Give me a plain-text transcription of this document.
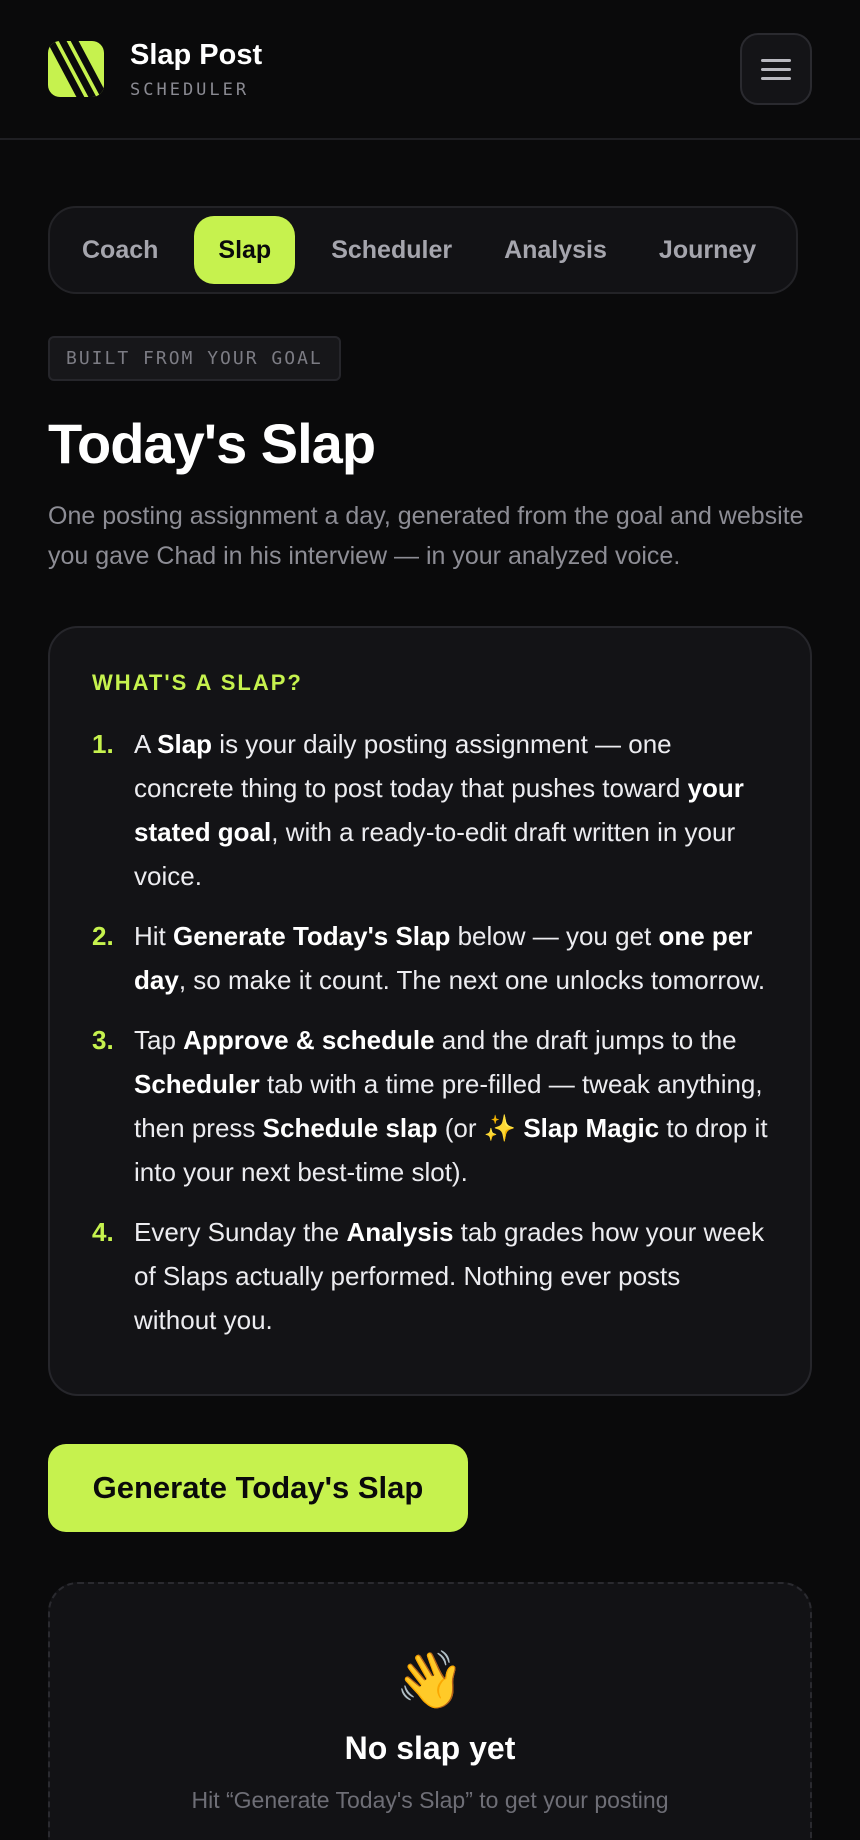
Slap Post
SCHEDULER
Coach	Slap	Scheduler	Analysis	Journey
BUILT FROM YOUR GOAL
Today's Slap

One posting assignment a day, generated from the goal and website you gave Chad in his interview — in your analyzed voice.

WHAT'S A SLAP?
1. A Slap is your daily posting assignment — one concrete thing to post today that pushes toward your stated goal, with a ready-to-edit draft written in your voice.
2. Hit Generate Today's Slap below — you get one per day, so make it count. The next one unlocks tomorrow.
3. Tap Approve & schedule and the draft jumps to the Scheduler tab with a time pre-filled — tweak anything, then press Schedule slap (or ✨ Slap Magic to drop it into your next best-time slot).
4. Every Sunday the Analysis tab grades how your week of Slaps actually performed. Nothing ever posts without you.
Generate Today's Slap
👋
No slap yet
Hit “Generate Today's Slap” to get your posting
